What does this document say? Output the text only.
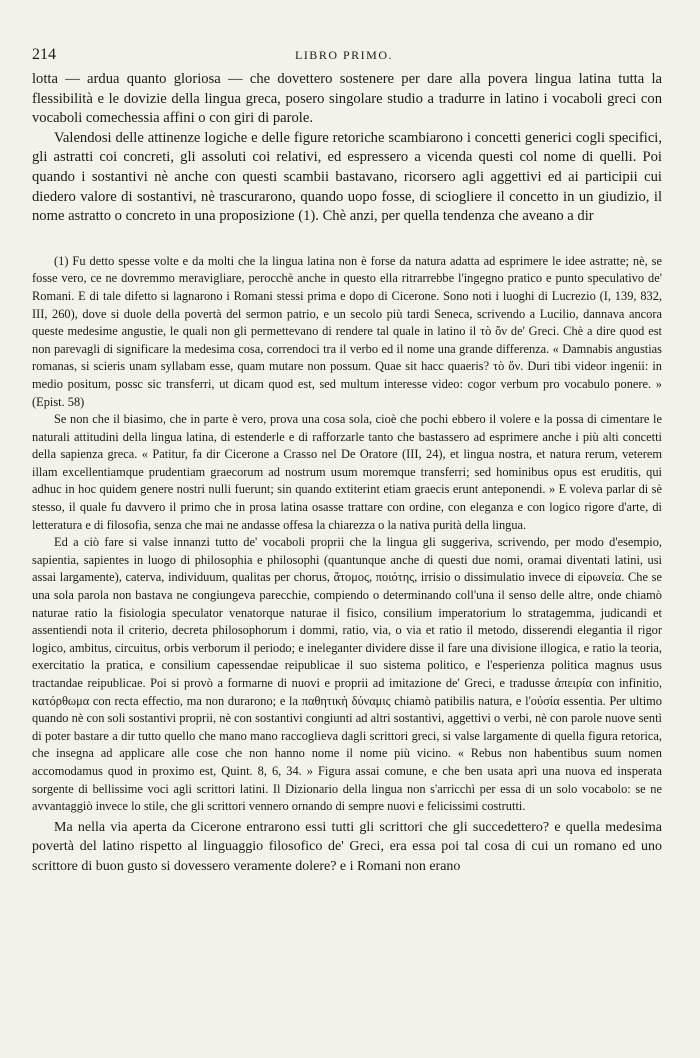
214	LIBRO PRIMO.

lotta — ardua quanto gloriosa — che dovettero sostenere per dare alla povera lingua latina tutta la flessibilità e le dovizie della lingua greca, posero singolare studio a tradurre in latino i vocaboli greci con vocaboli comechessia affini o con giri di parole.

Valendosi delle attinenze logiche e delle figure retoriche scambiarono i concetti generici cogli specifici, gli astratti coi concreti, gli assoluti coi relativi, ed espressero a vicenda questi col nome di quelli. Poi quando i sostantivi nè anche con questi scambii bastavano, ricorsero agli aggettivi ed ai participii cui diedero valore di sostantivi, nè trascurarono, quando uopo fosse, di sciogliere il concetto in un giudizio, il nome astratto o concreto in una proposizione (1). Chè anzi, per quella tendenza che aveano a dir

(1) Fu detto spesse volte e da molti che la lingua latina non è forse da natura adatta ad esprimere le idee astratte; nè, se fosse vero, ce ne dovremmo meravigliare, perocchè anche in questo ella ritrarrebbe l'ingegno pratico e punto speculativo de' Romani. E di tale difetto si lagnarono i Romani stessi prima e dopo di Cicerone. Sono noti i luoghi di Lucrezio (I, 139, 832, III, 260), dove si duole della povertà del sermon patrio, e un secolo più tardi Seneca, scrivendo a Lucilio, dannava ancora queste medesime angustie, le quali non gli permettevano di rendere tal quale in latino il τὸ ὄν de' Greci. Chè a dire quod est non parevagli di significare la medesima cosa, correndoci tra il verbo ed il nome una grande differenza. « Damnabis angustias romanas, si scieris unam syllabam esse, quam mutare non possum. Quae sit hacc quaeris? τὸ ὄν. Duri tibi videor ingenii: in medio positum, possc sic transferri, ut dicam quod est, sed multum interesse video: cogor verbum pro vocabulo ponere. » (Epist. 58)

Se non che il biasimo, che in parte è vero, prova una cosa sola, cioè che pochi ebbero il volere e la possa di cimentare le naturali attitudini della lingua latina, di estenderle e di rafforzarle tanto che bastassero ad esprimere anche i più alti concetti della sapienza greca. « Patitur, fa dir Cicerone a Crasso nel De Oratore (III, 24), et lingua nostra, et natura rerum, veterem illam excellentiamque prudentiam graecorum ad nostrum usum moremque transferri; sed hominibus opus est eruditis, qui adhuc in hoc quidem genere nostri nulli fuerunt; sin quando extiterint etiam graecis erunt anteponendi. » E voleva parlar di sè stesso, il quale fu davvero il primo che in prosa latina osasse trattare con ordine, con eleganza e con logico rigore d'arte, di letteratura e di filosofia, senza che mai ne andasse offesa la chiarezza o la nativa purità della lingua.

Ed a ciò fare si valse innanzi tutto de' vocaboli proprii che la lingua gli suggeriva, scrivendo, per modo d'esempio, sapientia, sapientes in luogo di philosophia e philosophi (quantunque anche di questi due nomi, oramai diventati latini, usi assai largamente), caterva, individuum, qualitas per chorus, ἄτομος, ποιότης, irrisio o dissimulatio invece di εἰρωνεία. Che se una sola parola non bastava ne congiungeva parecchie, compiendo o determinando coll'una il senso delle altre, onde chiamò naturae ratio la fisiologia speculator venatorque naturae il fisico, consilium imperatorium lo stratagemma, judicandi et assentiendi nota il criterio, decreta philosophorum i dommi, ratio, via, o via et ratio il metodo, disserendi elegantia il rigor logico, ambitus, circuitus, orbis verborum il periodo; e ineleganter dividere disse il fare una divisione illogica, e ratio la teoria, exercitatio la pratica, e consilium capessendae reipublicae il suo sistema politico, e l'esperienza politica magnus usus tractandae reipublicae. Poi si provò a formarne di nuovi e proprii ad imitazione de' Greci, e tradusse ἀπειρία con infinitio, κατόρθωμα con recta effectio, ma non durarono; e la παθητικὴ δύναμις chiamò patibilis natura, e l'οὐσία essentia. Per ultimo quando nè con soli sostantivi proprii, nè con sostantivi congiunti ad altri sostantivi, aggettivi o verbi, nè con parole nuove sentì di poter bastare a dir tutto quello che mano mano raccoglieva dagli scrittori greci, si valse largamente di quella figura retorica, che insegna ad applicare alle cose che non hanno nome il nome più vicino. « Rebus non habentibus suum nomen accomodamus quod in proximo est, Quint. 8, 6, 34. » Figura assai comune, e che ben usata aprì una nuova ed insperata sorgente di bellissime voci agli scrittori latini. Il Dizionario della lingua non s'arricchì per essa di un solo vocabolo: se ne avvantaggiò invece lo stile, che gli scrittori vennero ornando di sempre nuovi e felicissimi costrutti.

Ma nella via aperta da Cicerone entrarono essi tutti gli scrittori che gli succedettero? e quella medesima povertà del latino rispetto al linguaggio filosofico de' Greci, era essa poi tal cosa di cui un romano ed uno scrittore di buon gusto si dovessero veramente dolere? e i Romani non erano
